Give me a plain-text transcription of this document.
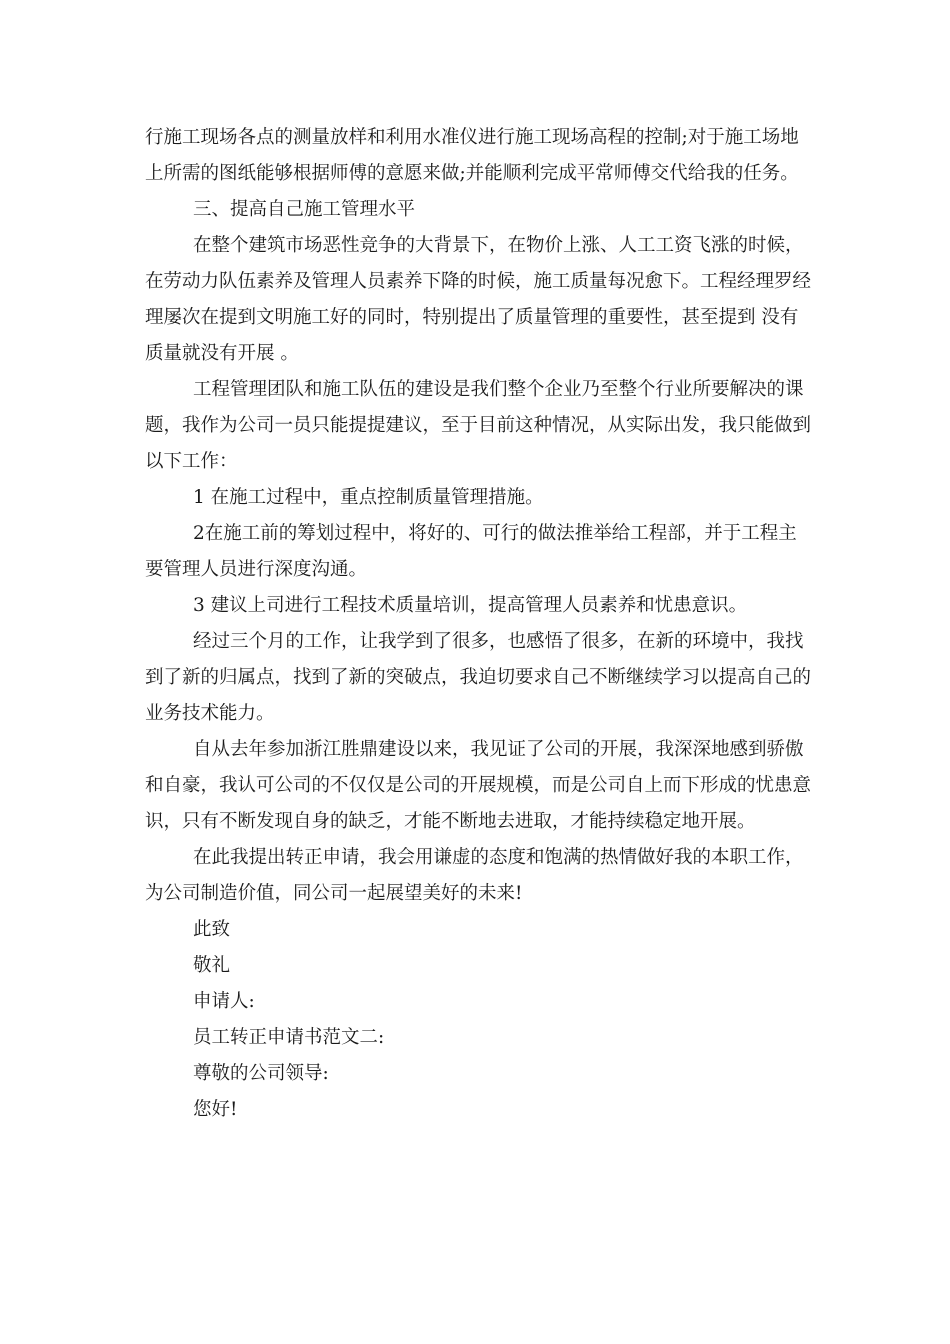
行施工现场各点的测量放样和利用水准仪进行施工现场高程的控制;对于施工场地上所需的图纸能够根据师傅的意愿来做;并能顺利完成平常师傅交代给我的任务。

三、提高自己施工管理水平

在整个建筑市场恶性竞争的大背景下，在物价上涨、人工工资飞涨的时候，在劳动力队伍素养及管理人员素养下降的时候，施工质量每况愈下。工程经理罗经理屡次在提到文明施工好的同时，特别提出了质量管理的重要性，甚至提到 没有质量就没有开展 。

工程管理团队和施工队伍的建设是我们整个企业乃至整个行业所要解决的课题，我作为公司一员只能提提建议，至于目前这种情况，从实际出发，我只能做到以下工作：

1 在施工过程中，重点控制质量管理措施。

2在施工前的筹划过程中，将好的、可行的做法推举给工程部，并于工程主要管理人员进行深度沟通。

3 建议上司进行工程技术质量培训，提高管理人员素养和忧患意识。

经过三个月的工作，让我学到了很多，也感悟了很多，在新的环境中，我找到了新的归属点，找到了新的突破点，我迫切要求自己不断继续学习以提高自己的业务技术能力。

自从去年参加浙江胜鼎建设以来，我见证了公司的开展，我深深地感到骄傲和自豪，我认可公司的不仅仅是公司的开展规模，而是公司自上而下形成的忧患意识，只有不断发现自身的缺乏，才能不断地去进取，才能持续稳定地开展。

在此我提出转正申请，我会用谦虚的态度和饱满的热情做好我的本职工作，为公司制造价值，同公司一起展望美好的未来!

此致

敬礼

申请人:

员工转正申请书范文二:

尊敬的公司领导:

您好!
